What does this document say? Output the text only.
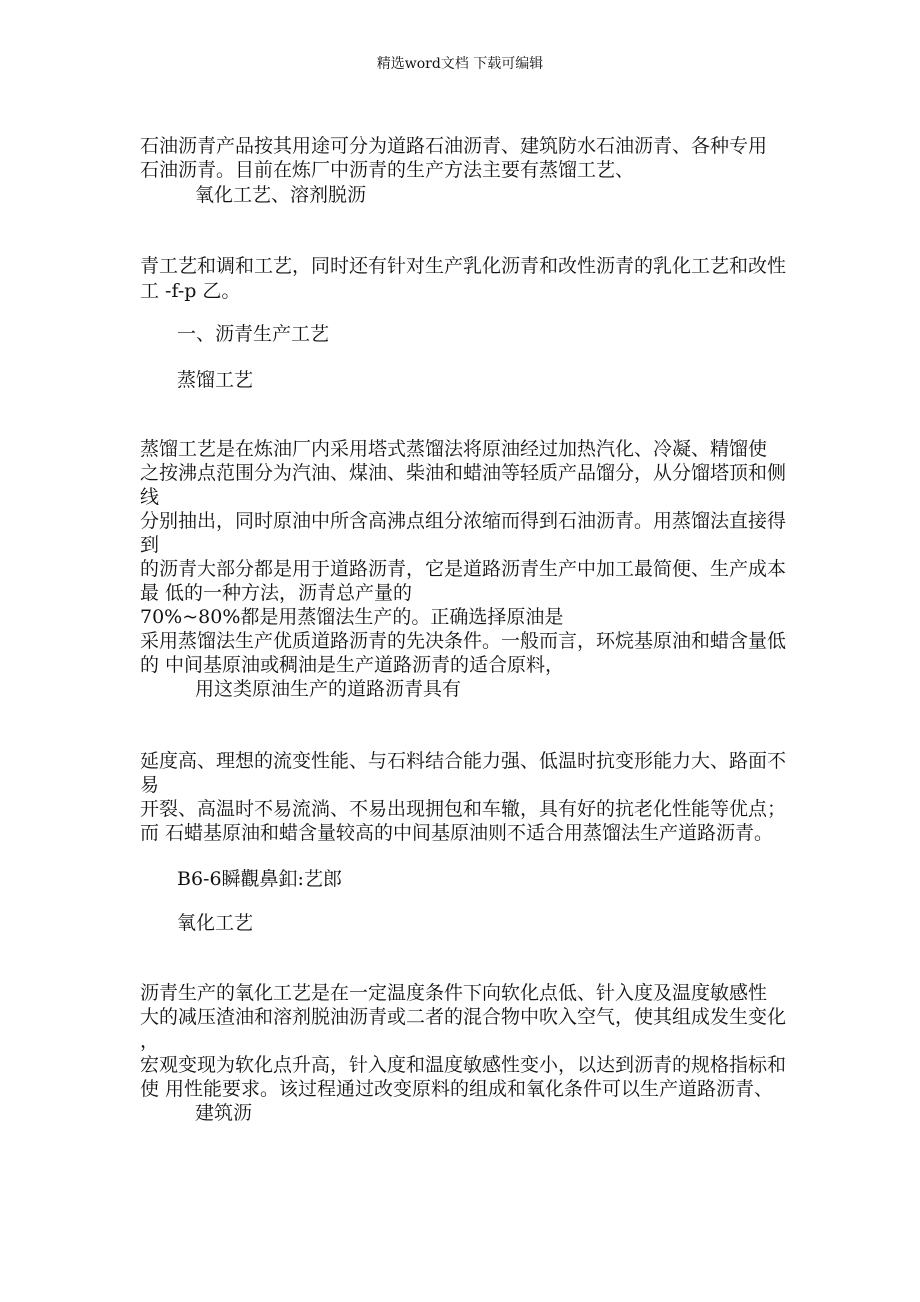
精选word文档 下载可编辑
石油沥青产品按其用途可分为道路石油沥青、建筑防水石油沥青、各种专用
石油沥青。目前在炼厂中沥青的生产方法主要有蒸馏工艺、
氧化工艺、溶剂脱沥
青工艺和调和工艺，同时还有针对生产乳化沥青和改性沥青的乳化工艺和改性
工 -f-p 乙。
一、沥青生产工艺
蒸馏工艺
蒸馏工艺是在炼油厂内采用塔式蒸馏法将原油经过加热汽化、冷凝、精馏使
之按沸点范围分为汽油、煤油、柴油和蜡油等轻质产品馏分，从分馏塔顶和侧
线
分别抽出，同时原油中所含高沸点组分浓缩而得到石油沥青。用蒸馏法直接得
到
的沥青大部分都是用于道路沥青，它是道路沥青生产中加工最简便、生产成本
最 低的一种方法，沥青总产量的
70%~80%都是用蒸馏法生产的。正确选择原油是
采用蒸馏法生产优质道路沥青的先决条件。一般而言，环烷基原油和蜡含量低
的 中间基原油或稠油是生产道路沥青的适合原料，
用这类原油生产的道路沥青具有
延度高、理想的流变性能、与石料结合能力强、低温时抗变形能力大、路面不
易
开裂、高温时不易流淌、不易出现拥包和车辙，具有好的抗老化性能等优点；
而 石蜡基原油和蜡含量较高的中间基原油则不适合用蒸馏法生产道路沥青。
B6-6瞬觀鼻釦:艺郎
氧化工艺
沥青生产的氧化工艺是在一定温度条件下向软化点低、针入度及温度敏感性
大的减压渣油和溶剂脱油沥青或二者的混合物中吹入空气，使其组成发生变化
，
宏观变现为软化点升高，针入度和温度敏感性变小，以达到沥青的规格指标和
使 用性能要求。该过程通过改变原料的组成和氧化条件可以生产道路沥青、
建筑沥
